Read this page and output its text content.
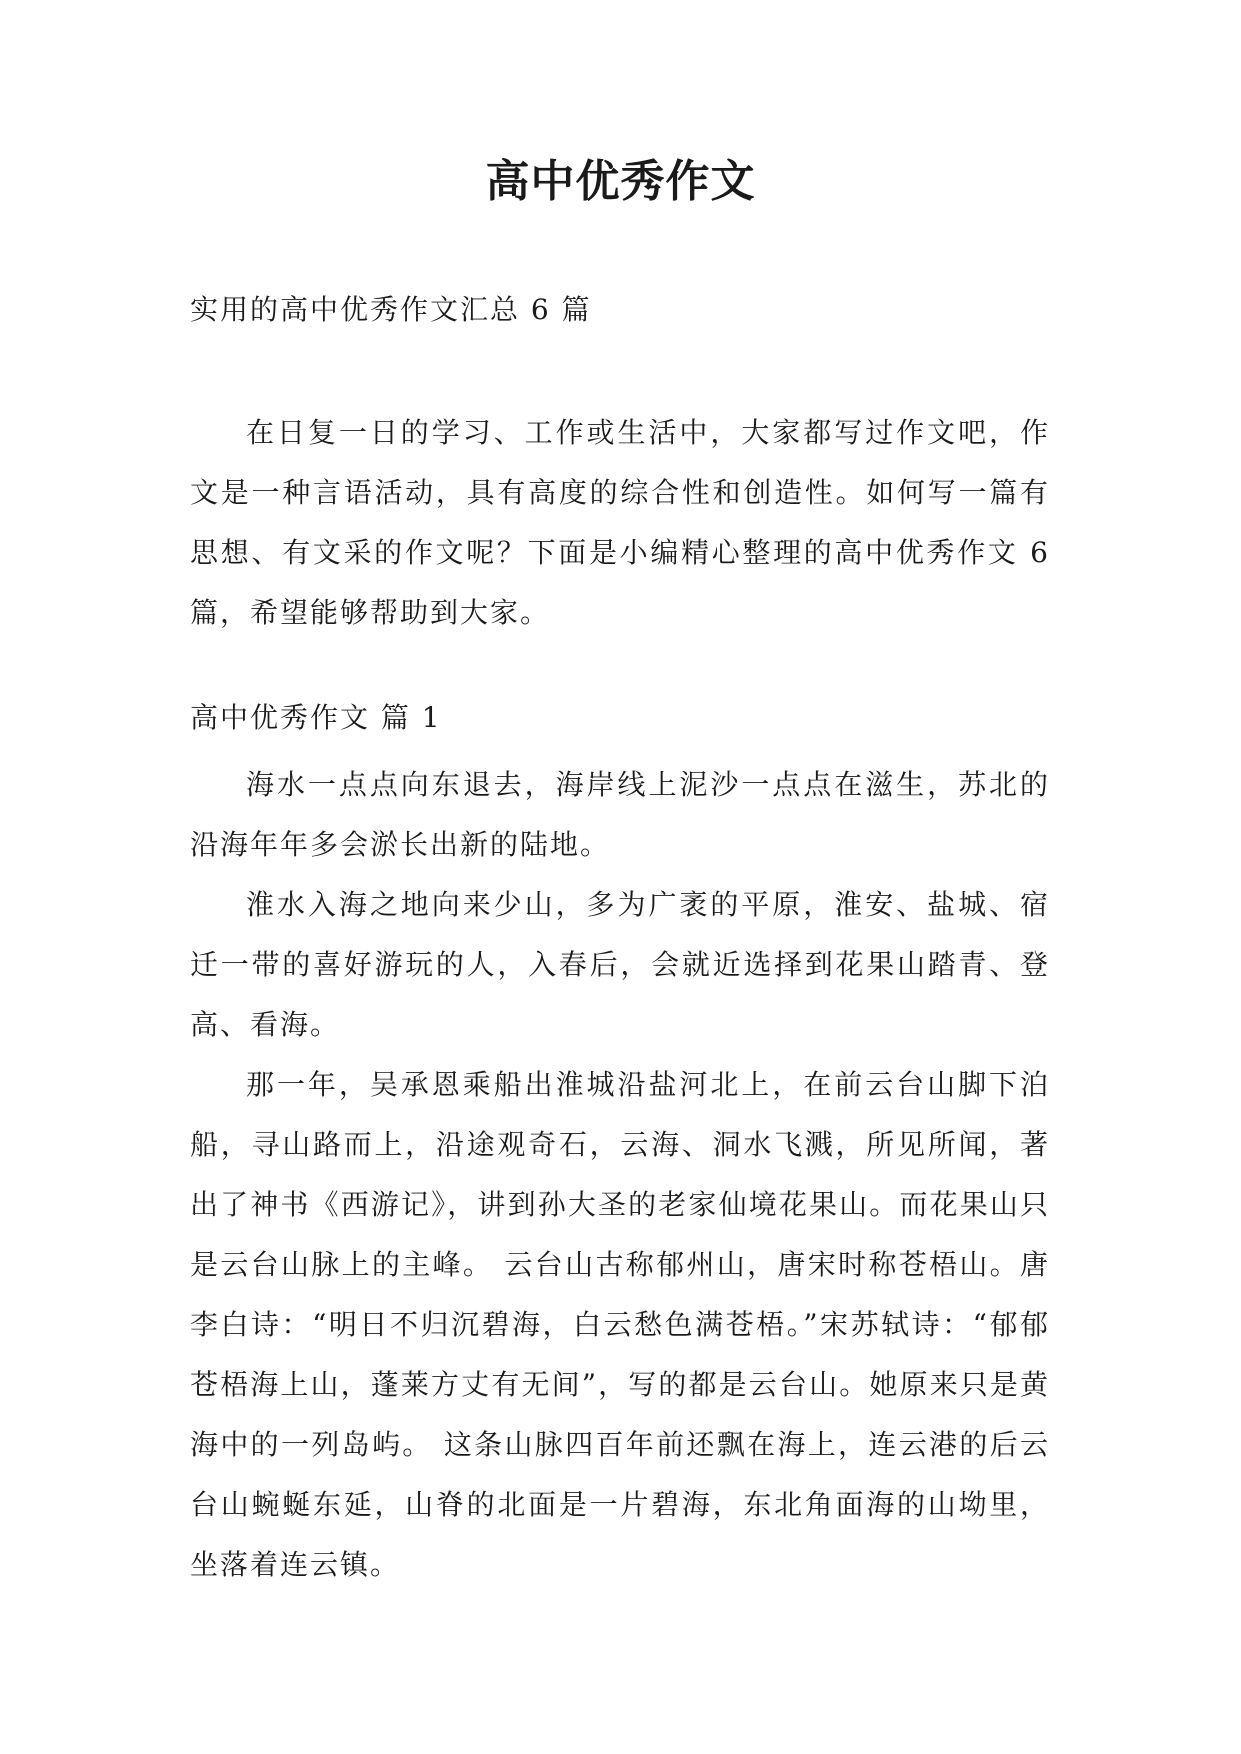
高中优秀作文

实用的高中优秀作文汇总 6 篇

在日复一日的学习、工作或生活中，大家都写过作文吧，作文是一种言语活动，具有高度的综合性和创造性。如何写一篇有思想、有文采的作文呢？下面是小编精心整理的高中优秀作文 6 篇，希望能够帮助到大家。

高中优秀作文 篇 1

海水一点点向东退去，海岸线上泥沙一点点在滋生，苏北的沿海年年多会淤长出新的陆地。

淮水入海之地向来少山，多为广袤的平原，淮安、盐城、宿迁一带的喜好游玩的人，入春后，会就近选择到花果山踏青、登高、看海。

那一年，吴承恩乘船出淮城沿盐河北上，在前云台山脚下泊船，寻山路而上，沿途观奇石，云海、洞水飞溅，所见所闻，著出了神书《西游记》，讲到孙大圣的老家仙境花果山。而花果山只是云台山脉上的主峰。 云台山古称郁州山，唐宋时称苍梧山。唐李白诗：“明日不归沉碧海，白云愁色满苍梧。”宋苏轼诗：“郁郁苍梧海上山，蓬莱方丈有无间”，写的都是云台山。她原来只是黄海中的一列岛屿。 这条山脉四百年前还飘在海上，连云港的后云台山蜿蜒东延，山脊的北面是一片碧海，东北角面海的山坳里，坐落着连云镇。
